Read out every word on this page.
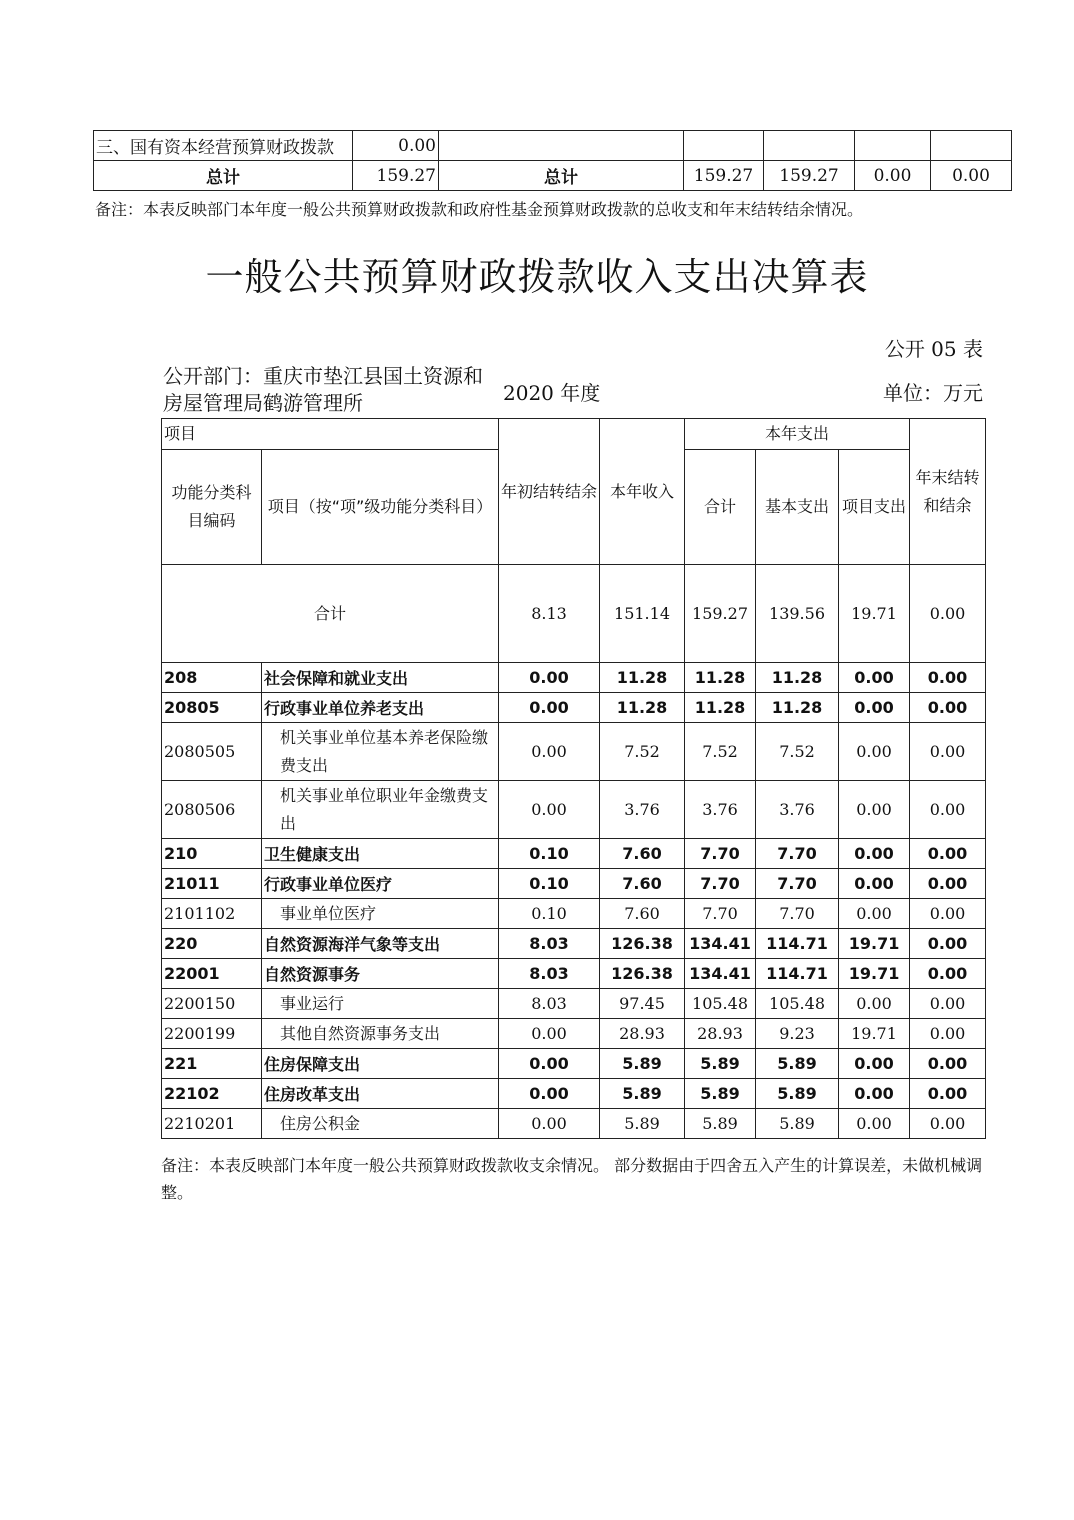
三、国有资本经营预算财政拨款	0.00					
总计	159.27	总计	159.27	159.27	0.00	0.00
备注：本表反映部门本年度一般公共预算财政拨款和政府性基金预算财政拨款的总收支和年末结转结余情况。
一般公共预算财政拨款收入支出决算表
公开 05 表
公开部门：重庆市垫江县国土资源和房屋管理局鹤游管理所	2020 年度	单位：万元
项目		年初结转结余	本年收入	本年支出			年末结转和结余
功能分类科目编码	项目（按“项”级功能分类科目）			合计	基本支出	项目支出	
合计		8.13	151.14	159.27	139.56	19.71	0.00
208	社会保障和就业支出	0.00	11.28	11.28	11.28	0.00	0.00
20805	行政事业单位养老支出	0.00	11.28	11.28	11.28	0.00	0.00
2080505	机关事业单位基本养老保险缴费支出	0.00	7.52	7.52	7.52	0.00	0.00
2080506	机关事业单位职业年金缴费支出	0.00	3.76	3.76	3.76	0.00	0.00
210	卫生健康支出	0.10	7.60	7.70	7.70	0.00	0.00
21011	行政事业单位医疗	0.10	7.60	7.70	7.70	0.00	0.00
2101102	事业单位医疗	0.10	7.60	7.70	7.70	0.00	0.00
220	自然资源海洋气象等支出	8.03	126.38	134.41	114.71	19.71	0.00
22001	自然资源事务	8.03	126.38	134.41	114.71	19.71	0.00
2200150	事业运行	8.03	97.45	105.48	105.48	0.00	0.00
2200199	其他自然资源事务支出	0.00	28.93	28.93	9.23	19.71	0.00
221	住房保障支出	0.00	5.89	5.89	5.89	0.00	0.00
22102	住房改革支出	0.00	5.89	5.89	5.89	0.00	0.00
2210201	住房公积金	0.00	5.89	5.89	5.89	0.00	0.00
备注：本表反映部门本年度一般公共预算财政拨款收支余情况。 部分数据由于四舍五入产生的计算误差，未做机械调整。
